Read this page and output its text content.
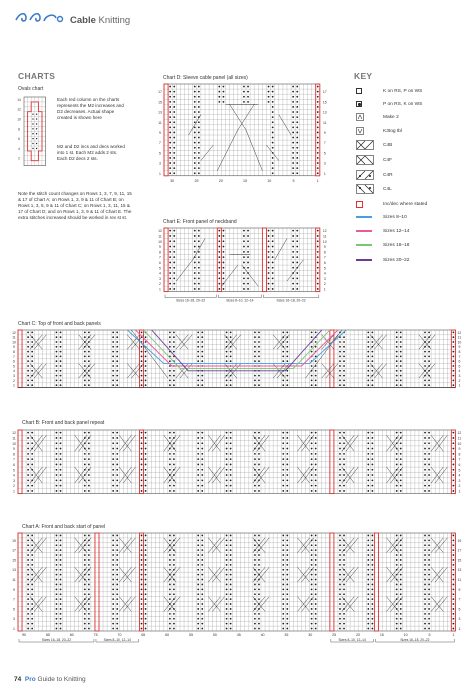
Cable Knitting
CHARTS	KEY
Ovals chart
14
12
10
8
6
4
2
Each red column on the charts represents the M2 increases and D2 decreases. Actual shape created is shown here
M2 and D2 incs and decs worked into 1 st. Each M2 adds 2 sts. Each D2 decs 2 sts.
Note the stitch count changes on Rows 1, 3, 7, 9, 11, 15 & 17 of Chart A; on Rows 1, 3, 9 & 11 of Chart B; on Rows 1, 3, 5, 9 & 11 of Chart C; on Rows 1, 3, 11, 15 & 17 of Chart D; and on Rows 1, 3, 9 & 11 of Chart E. The extra stitches increased should be worked in rev st st.
Chart D: Sleeve cable panel (all sizes)
17
15
13
11
9
7
5
3
1
17
15
13
11
9
7
5
3
1
30	25	20	15	10	5	1
Chart E: Front panel of neckband
12
11
10
9
8
7
6
5
4
3
2
1
12
11
10
9
8
7
6
5
4
3
2
1
Sizes 16–18, 20–22	Sizes 8–10, 12–14	Sizes 16–18, 20–22
Chart C: Top of front and back panels
12
11
10
9
8
7
6
5
4
3
2
1
12
11
10
9
8
7
6
5
4
3
2
1
Chart B: Front and back panel repeat
12
11
10
9
8
7
6
5
4
3
2
1
12
11
10
9
8
7
6
5
4
3
2
1
Chart A: Front and back start of panel
19
17
15
13
11
9
7
5
3
1
19
17
15
13
11
9
7
5
3
1
90	85	80	75	70	65	60	55	50	45	40	35	30	25	20	15	10	5	1
Sizes 16–18, 20–22	Sizes 8–10, 12–14	Sizes 8–10, 12–14	Sizes 16–18, 20–22
K on RS, P on WS
P on RS, K on WS
Make 2
K3tog tbl
C4B
C4F
C4R
C4L
Inc/dec where stated
Sizes 8–10
Sizes 12–14
Sizes 16–18
Sizes 20–22
74 Pro Guide to Knitting
